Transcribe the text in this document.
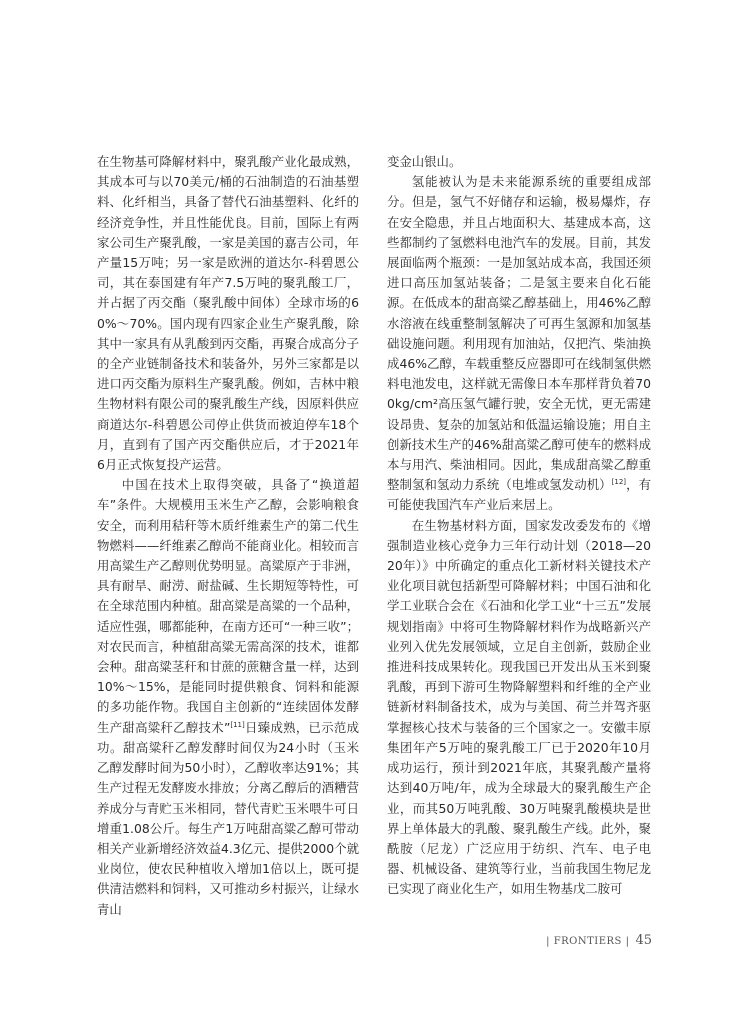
在生物基可降解材料中，聚乳酸产业化最成熟，其成本可与以70美元/桶的石油制造的石油基塑料、化纤相当，具备了替代石油基塑料、化纤的经济竞争性，并且性能优良。目前，国际上有两家公司生产聚乳酸，一家是美国的嘉吉公司，年产量15万吨；另一家是欧洲的道达尔-科碧恩公司，其在泰国建有年产7.5万吨的聚乳酸工厂，并占据了丙交酯（聚乳酸中间体）全球市场的60%～70%。国内现有四家企业生产聚乳酸，除其中一家具有从乳酸到丙交酯，再聚合成高分子的全产业链制备技术和装备外，另外三家都是以进口丙交酯为原料生产聚乳酸。例如，吉林中粮生物材料有限公司的聚乳酸生产线，因原料供应商道达尔-科碧恩公司停止供货而被迫停车18个月，直到有了国产丙交酯供应后，才于2021年6月正式恢复投产运营。

中国在技术上取得突破，具备了“换道超车”条件。大规模用玉米生产乙醇，会影响粮食安全，而利用秸秆等木质纤维素生产的第二代生物燃料——纤维素乙醇尚不能商业化。相较而言用高粱生产乙醇则优势明显。高粱原产于非洲，具有耐旱、耐涝、耐盐碱、生长期短等特性，可在全球范围内种植。甜高粱是高粱的一个品种，适应性强，哪都能种，在南方还可“一种三收”；对农民而言，种植甜高粱无需高深的技术，谁都会种。甜高粱茎秆和甘蔗的蔗糖含量一样，达到10%～15%，是能同时提供粮食、饲料和能源的多功能作物。我国自主创新的“连续固体发酵生产甜高粱秆乙醇技术”[11]日臻成熟，已示范成功。甜高粱秆乙醇发酵时间仅为24小时（玉米乙醇发酵时间为50小时），乙醇收率达91%；其生产过程无发酵废水排放；分离乙醇后的酒糟营养成分与青贮玉米相同，替代青贮玉米喂牛可日增重1.08公斤。每生产1万吨甜高粱乙醇可带动相关产业新增经济效益4.3亿元、提供2000个就业岗位，使农民种植收入增加1倍以上，既可提供清洁燃料和饲料，又可推动乡村振兴，让绿水青山

变金山银山。

氢能被认为是未来能源系统的重要组成部分。但是，氢气不好储存和运输，极易爆炸，存在安全隐患，并且占地面积大、基建成本高，这些都制约了氢燃料电池汽车的发展。目前，其发展面临两个瓶颈：一是加氢站成本高，我国还须进口高压加氢站装备；二是氢主要来自化石能源。在低成本的甜高粱乙醇基础上，用46%乙醇水溶液在线重整制氢解决了可再生氢源和加氢基础设施问题。利用现有加油站，仅把汽、柴油换成46%乙醇，车载重整反应器即可在线制氢供燃料电池发电，这样就无需像日本车那样背负着700kg/cm²高压氢气罐行驶，安全无忧，更无需建设昂贵、复杂的加氢站和低温运输设施；用自主创新技术生产的46%甜高粱乙醇可使车的燃料成本与用汽、柴油相同。因此，集成甜高粱乙醇重整制氢和氢动力系统（电堆或氢发动机）[12]，有可能使我国汽车产业后来居上。

在生物基材料方面，国家发改委发布的《增强制造业核心竞争力三年行动计划（2018—2020年）》中所确定的重点化工新材料关键技术产业化项目就包括新型可降解材料；中国石油和化学工业联合会在《石油和化学工业“十三五”发展规划指南》中将可生物降解材料作为战略新兴产业列入优先发展领域，立足自主创新，鼓励企业推进科技成果转化。现我国已开发出从玉米到聚乳酸，再到下游可生物降解塑料和纤维的全产业链新材料制备技术，成为与美国、荷兰并驾齐驱掌握核心技术与装备的三个国家之一。安徽丰原集团年产5万吨的聚乳酸工厂已于2020年10月成功运行，预计到2021年底，其聚乳酸产量将达到40万吨/年，成为全球最大的聚乳酸生产企业，而其50万吨乳酸、30万吨聚乳酸模块是世界上单体最大的乳酸、聚乳酸生产线。此外，聚酰胺（尼龙）广泛应用于纺织、汽车、电子电器、机械设备、建筑等行业，当前我国生物尼龙已实现了商业化生产，如用生物基戊二胺可

| FRONTIERS | 45
